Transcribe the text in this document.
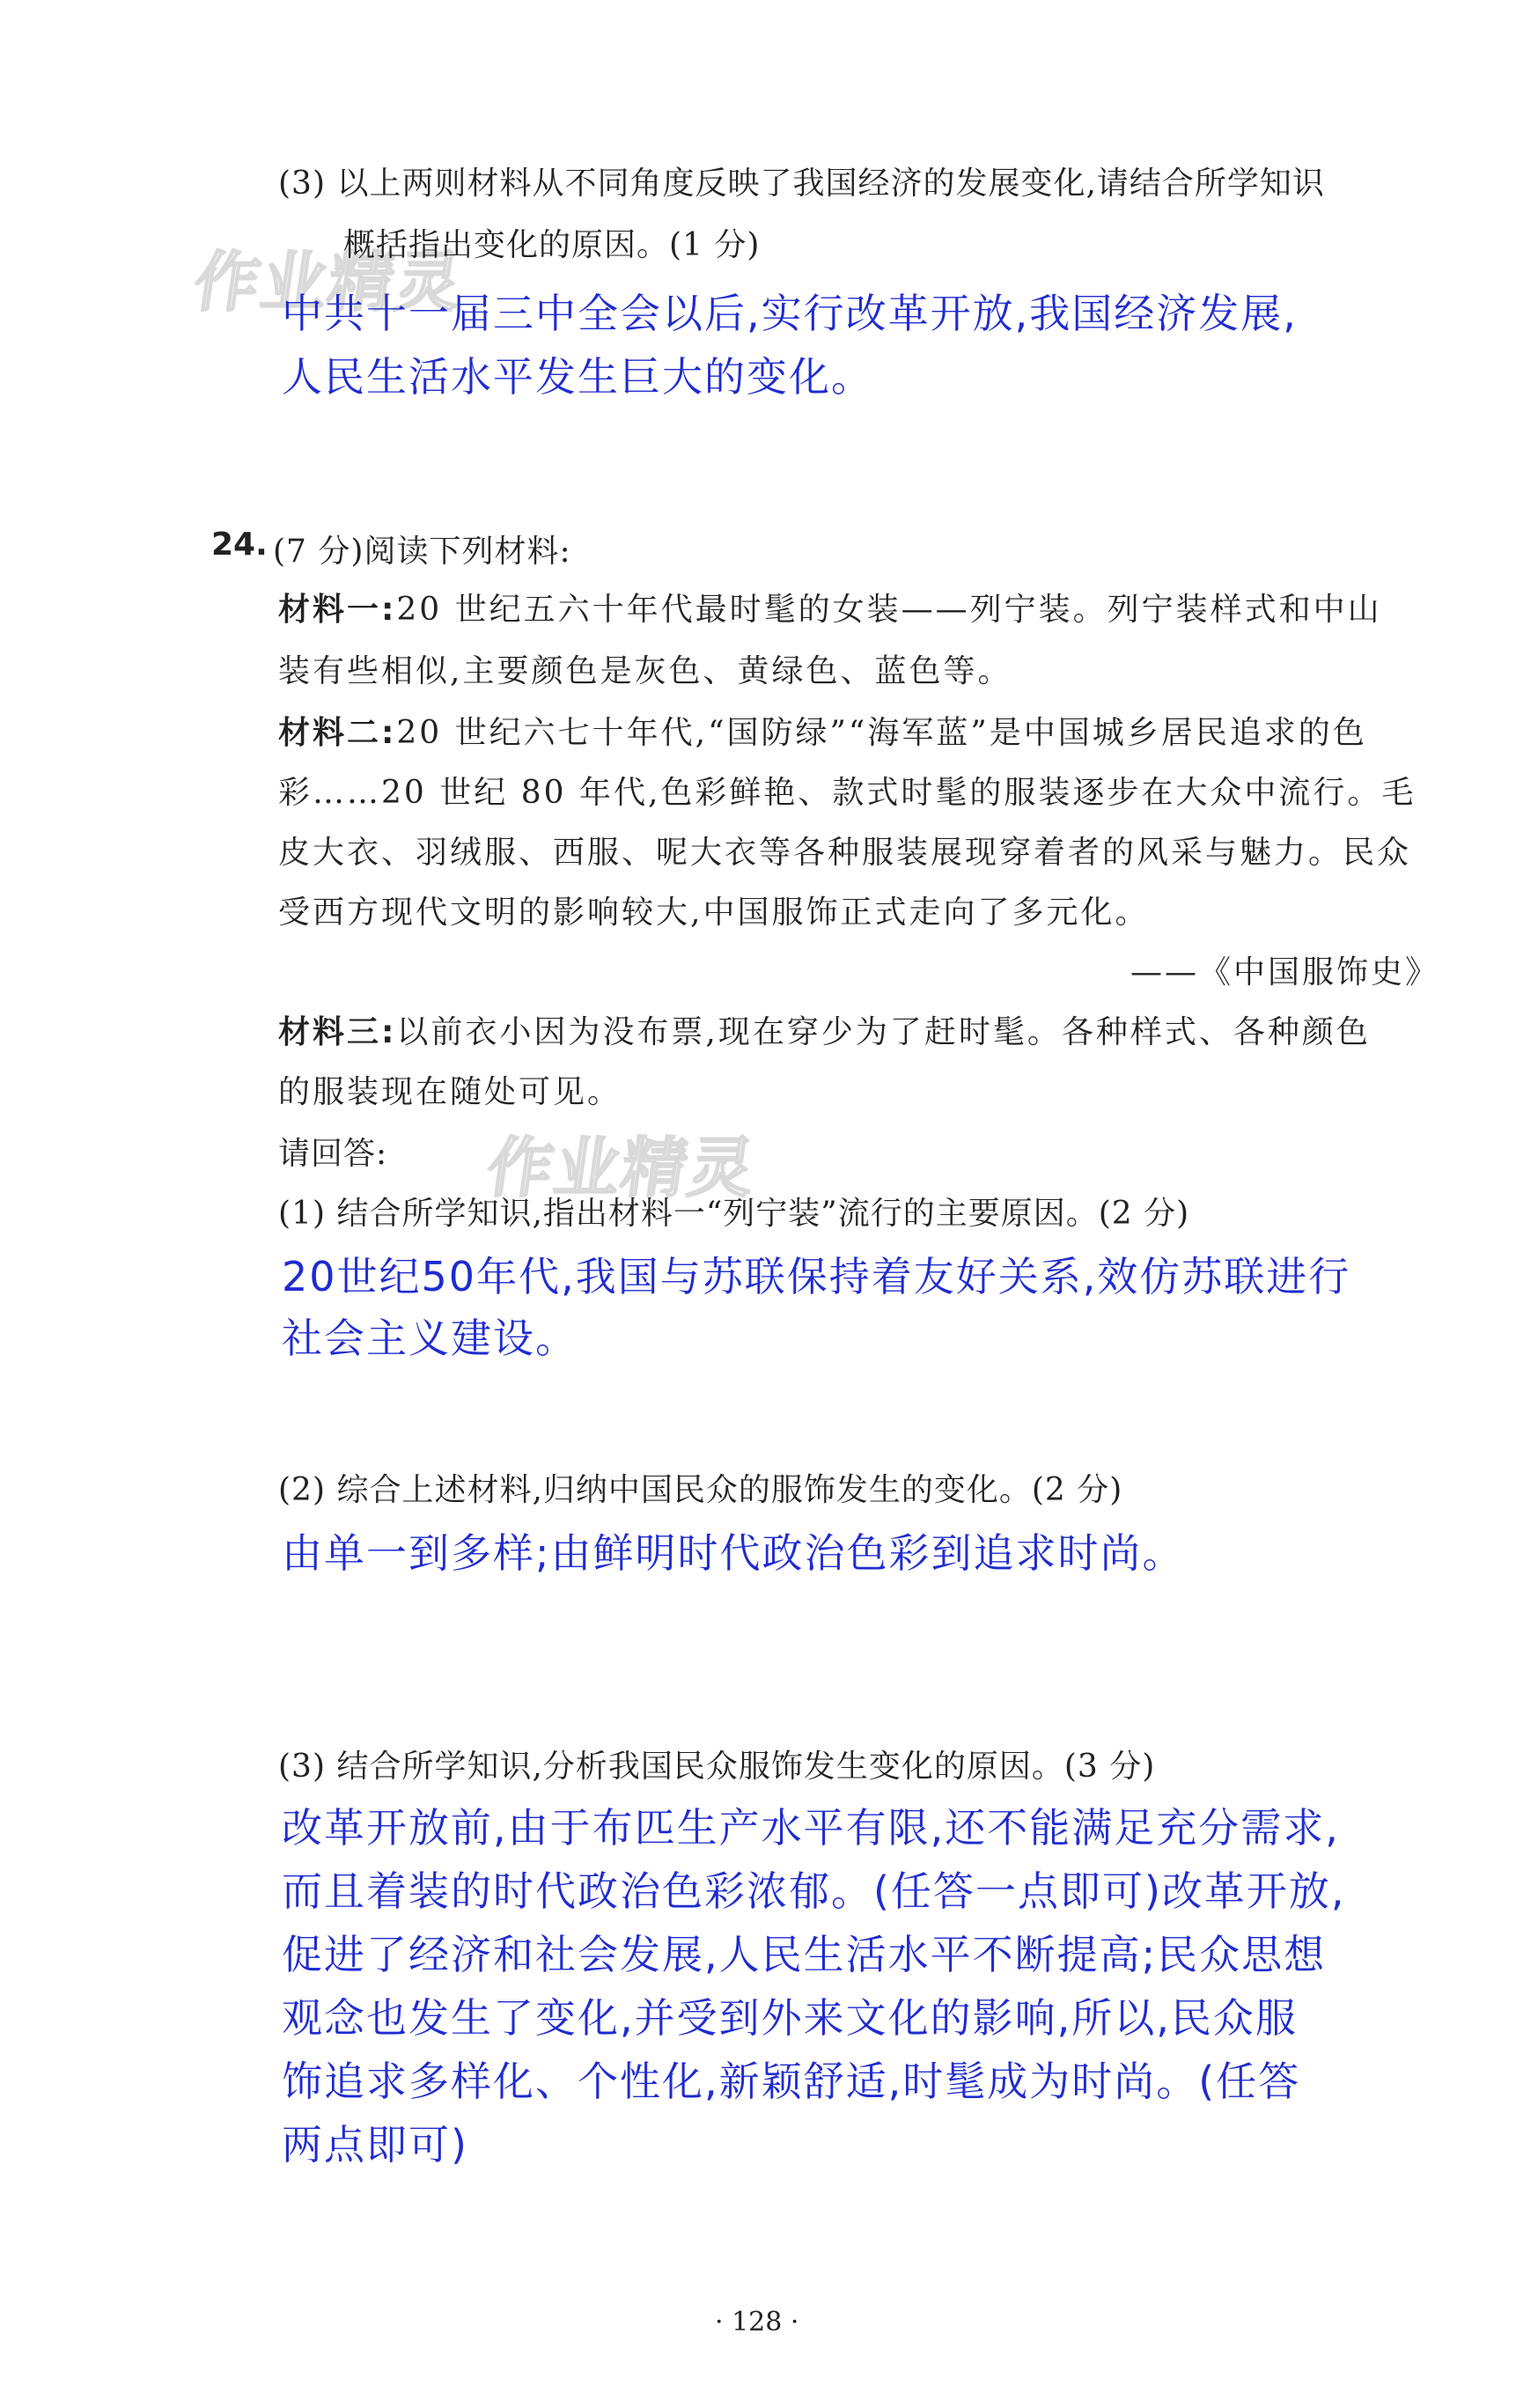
作业精灵
作业精灵
(3) 以上两则材料从不同角度反映了我国经济的发展变化,请结合所学知识
概括指出变化的原因。(1 分)
中共十一届三中全会以后,实行改革开放,我国经济发展,
人民生活水平发生巨大的变化。
24. (7 分)阅读下列材料:
材料一:20 世纪五六十年代最时髦的女装——列宁装。列宁装样式和中山
装有些相似,主要颜色是灰色、黄绿色、蓝色等。
材料二:20 世纪六七十年代,“国防绿”“海军蓝”是中国城乡居民追求的色
彩……20 世纪 80 年代,色彩鲜艳、款式时髦的服装逐步在大众中流行。毛
皮大衣、羽绒服、西服、呢大衣等各种服装展现穿着者的风采与魅力。民众
受西方现代文明的影响较大,中国服饰正式走向了多元化。
——《中国服饰史》
材料三:以前衣小因为没布票,现在穿少为了赶时髦。各种样式、各种颜色
的服装现在随处可见。
请回答:
(1) 结合所学知识,指出材料一“列宁装”流行的主要原因。(2 分)
20世纪50年代,我国与苏联保持着友好关系,效仿苏联进行
社会主义建设。
(2) 综合上述材料,归纳中国民众的服饰发生的变化。(2 分)
由单一到多样;由鲜明时代政治色彩到追求时尚。
(3) 结合所学知识,分析我国民众服饰发生变化的原因。(3 分)
改革开放前,由于布匹生产水平有限,还不能满足充分需求,
而且着装的时代政治色彩浓郁。(任答一点即可)改革开放,
促进了经济和社会发展,人民生活水平不断提高;民众思想
观念也发生了变化,并受到外来文化的影响,所以,民众服
饰追求多样化、个性化,新颖舒适,时髦成为时尚。(任答
两点即可)
· 128 ·
